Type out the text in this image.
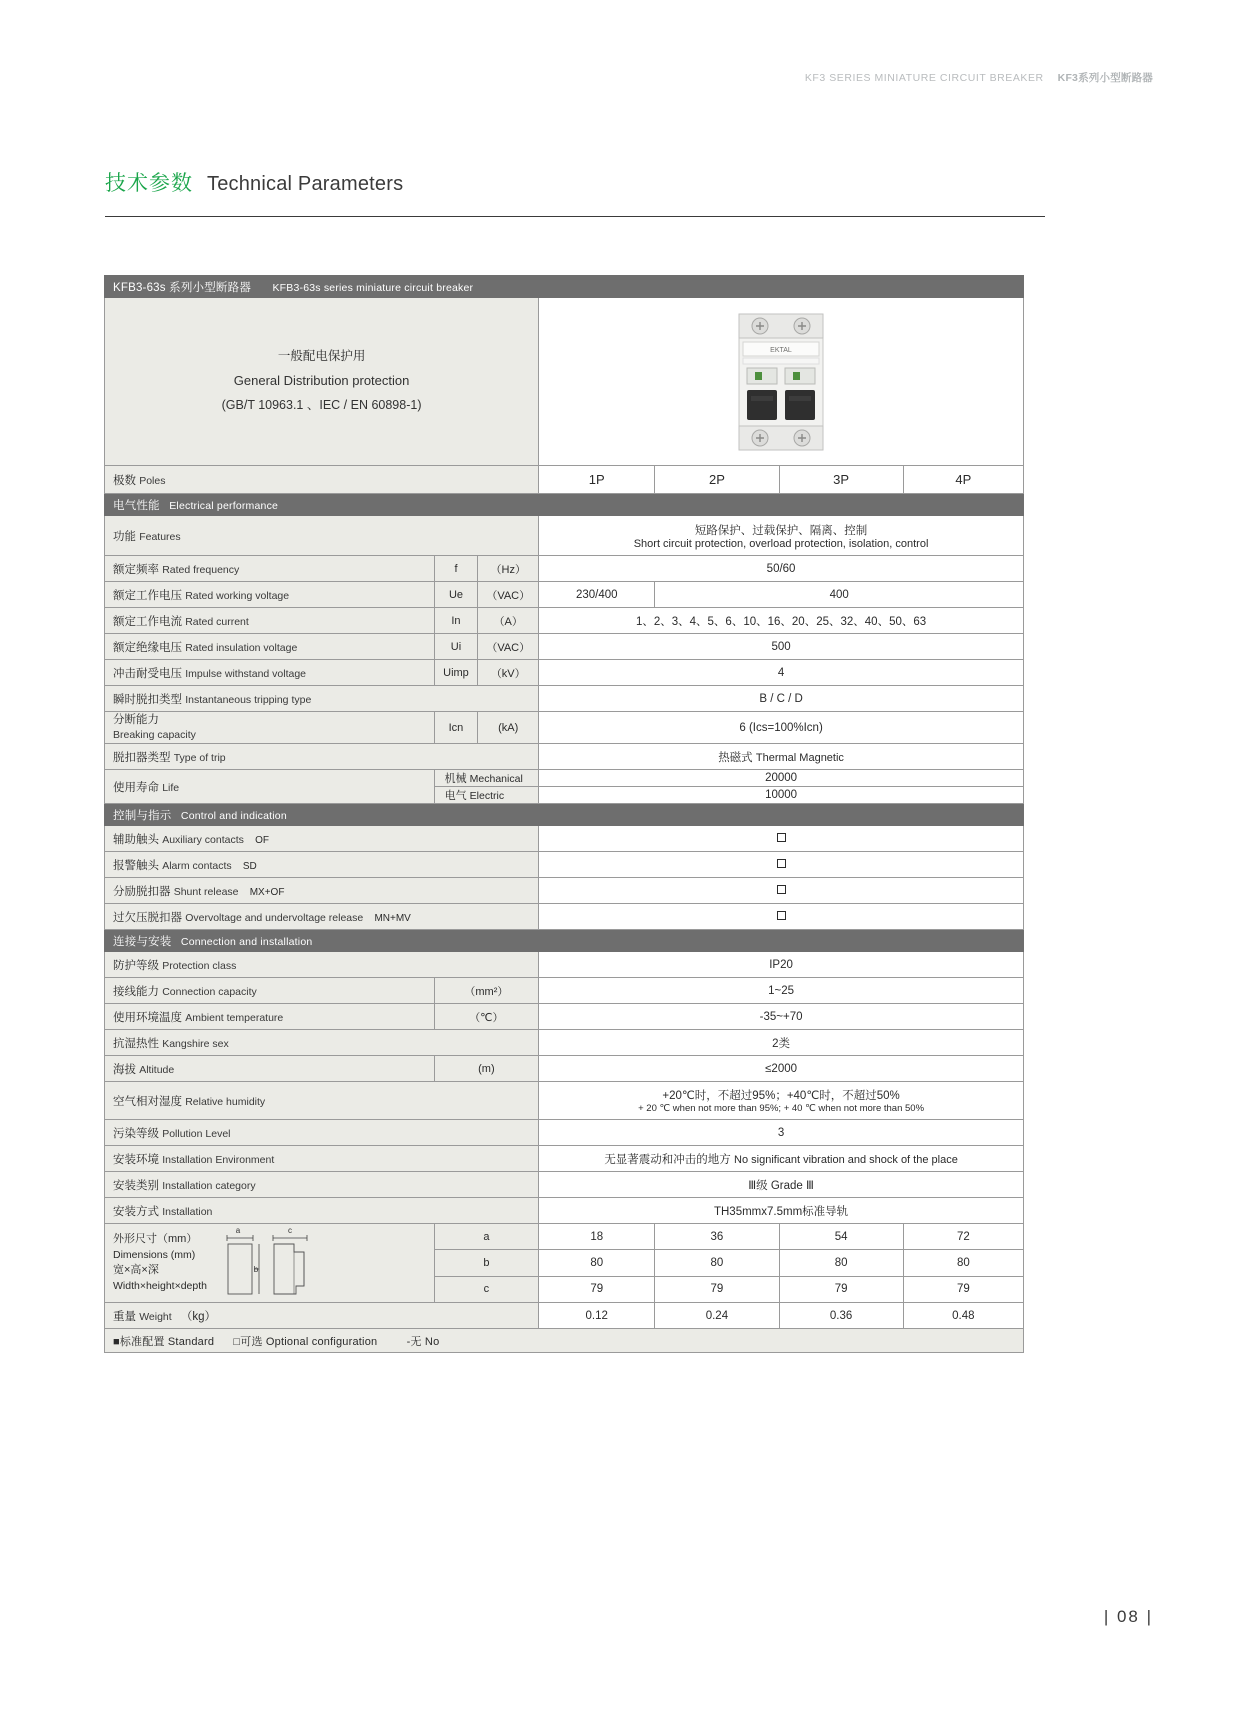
KF3 SERIES MINIATURE CIRCUIT BREAKER KF3系列小型断路器
技术参数 Technical Parameters
KFB3-63s 系列小型断路器 KFB3-63s series miniature circuit breaker						

一般配电保护用
General Distribution protection
(GB/T 10963.1 、IEC / EN 60898-1)			EKTAL			

极数 Poles			1P	2P	3P	4P
电气性能 Electrical performance						
功能 Features			短路保护、过载保护、隔离、控制
Short circuit protection, overload protection, isolation, control			

额定频率 Rated frequency	f	（Hz）	50/60			
额定工作电压 Rated working voltage	Ue	（VAC）	230/400	400		
额定工作电流 Rated current	In	（A）	1、2、3、4、5、6、10、16、20、25、32、40、50、63			
额定绝缘电压 Rated insulation voltage	Ui	（VAC）	500			
冲击耐受电压 Impulse withstand voltage	Uimp	（kV）	4			
瞬时脱扣类型 Instantaneous tripping type			B / C / D			

分断能力
Breaking capacity	Icn	(kA)	6 (Ics=100%Icn)			
脱扣器类型 Type of trip			热磁式 Thermal Magnetic			
使用寿命 Life	机械 Mechanical		20000			
	电气 Electric		10000			
控制与指示 Control and indication						
辅助触头 Auxiliary contacts OF						
报警触头 Alarm contacts SD						
分励脱扣器 Shunt release MX+OF						
过欠压脱扣器 Overvoltage and undervoltage release MN+MV						
连接与安装 Connection and installation						
防护等级 Protection class			IP20			
接线能力 Connection capacity	（mm²）		1~25			
使用环境温度 Ambient temperature	（℃）		-35~+70			
抗湿热性 Kangshire sex			2类			
海拔 Altitude	(m)		≤2000			
空气相对湿度 Relative humidity			+20℃时，不超过95%；+40℃时，不超过50%
+ 20 ℃ when not more than 95%; + 40 ℃ when not more than 50%			

污染等级 Pollution Level			3			
安装环境 Installation Environment			无显著震动和冲击的地方 No significant vibration and shock of the place			
安装类别 Installation category			Ⅲ级 Grade Ⅲ			
安装方式 Installation			TH35mmx7.5mm标准导轨			

外形尺寸（mm）
Dimensions (mm)
宽×高×深
Width×height×depth
a
b
c
	a	18	36	54	72
	b		80	80	80	80
	c		79	79	79	79
重量 Weight （kg）			0.12	0.24	0.36	0.48
■标准配置 Standard □可选 Optional configuration -无 No						
| 08 |
